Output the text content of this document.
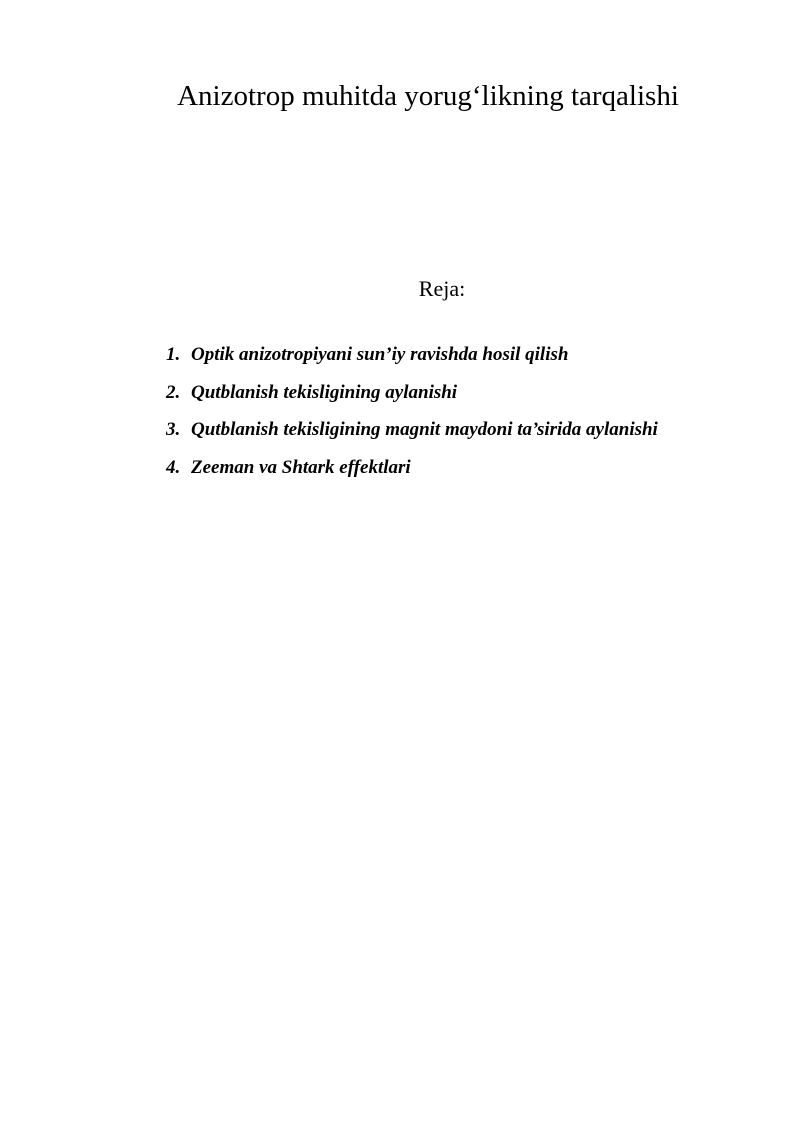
Anizotrop muhitda yorug‘likning tarqalishi
Reja:
1. Optik anizotropiyani sun’iy ravishda hosil qilish
2. Qutblanish tekisligining aylanishi
3. Qutblanish tekisligining magnit maydoni ta’sirida aylanishi
4. Zeeman va Shtark effektlari
